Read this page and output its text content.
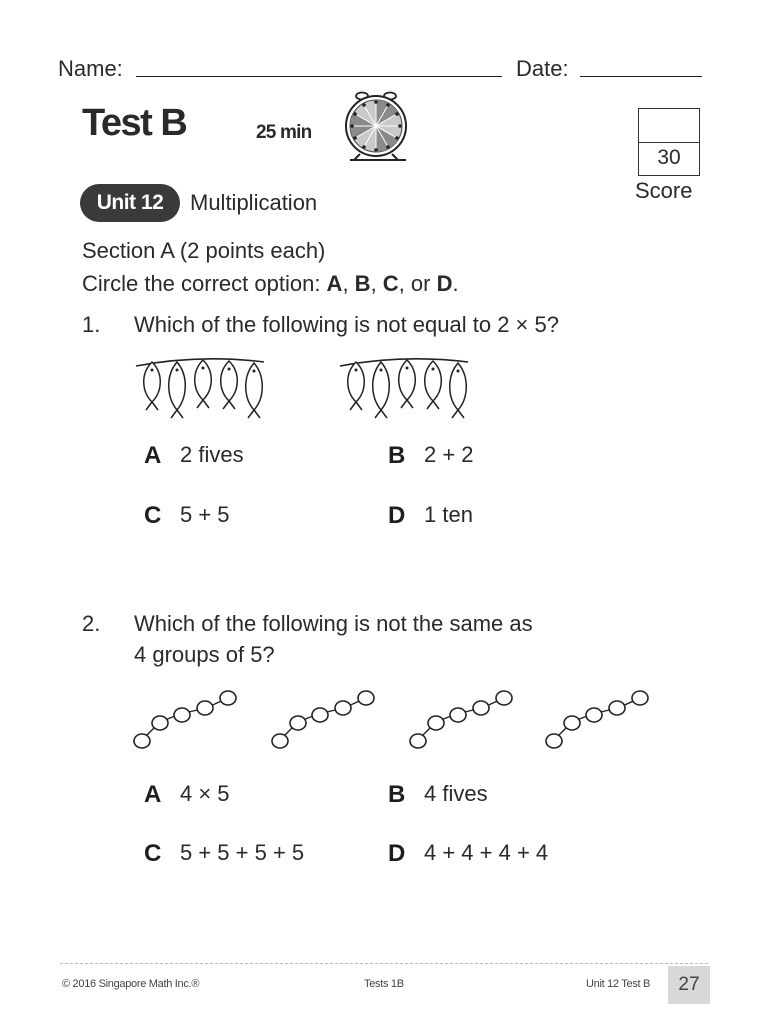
Name:	Date:
Test B	25 min
30
Score
Unit 12	Multiplication
Section A (2 points each)
Circle the correct option: A, B, C, or D.
1. Which of the following is not equal to 2 × 5?
A 2 fives	B 2 + 2
C 5 + 5	D 1 ten
2. Which of the following is not the same as
4 groups of 5?
A 4 × 5	B 4 fives
C 5 + 5 + 5 + 5	D 4 + 4 + 4 + 4
© 2016 Singapore Math Inc.®	Tests 1B	Unit 12 Test B	27
